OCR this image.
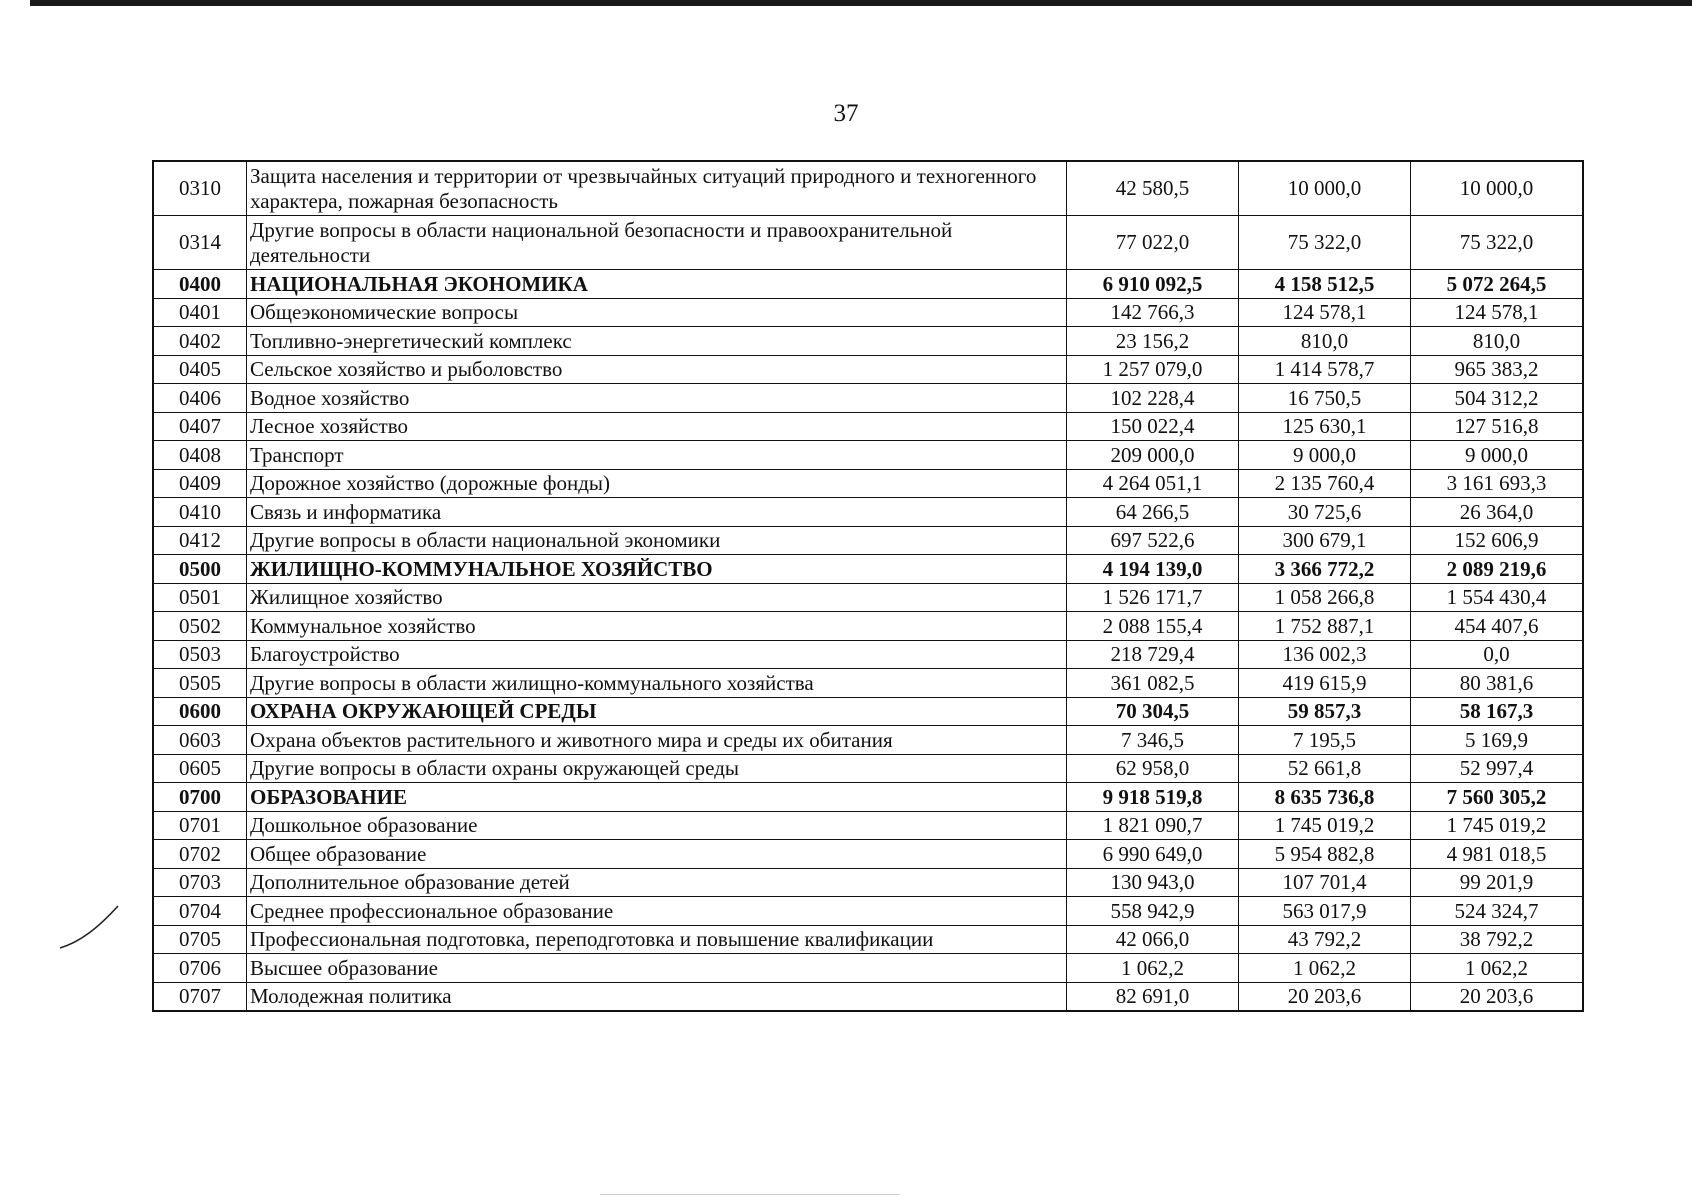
37
0310	Защита населения и территории от чрезвычайных ситуаций природного и техногенного характера, пожарная безопасность	42 580,5	10 000,0	10 000,0
0314	Другие вопросы в области национальной безопасности и правоохранительной деятельности	77 022,0	75 322,0	75 322,0
0400	НАЦИОНАЛЬНАЯ ЭКОНОМИКА	6 910 092,5	4 158 512,5	5 072 264,5
0401	Общеэкономические вопросы	142 766,3	124 578,1	124 578,1
0402	Топливно-энергетический комплекс	23 156,2	810,0	810,0
0405	Сельское хозяйство и рыболовство	1 257 079,0	1 414 578,7	965 383,2
0406	Водное хозяйство	102 228,4	16 750,5	504 312,2
0407	Лесное хозяйство	150 022,4	125 630,1	127 516,8
0408	Транспорт	209 000,0	9 000,0	9 000,0
0409	Дорожное хозяйство (дорожные фонды)	4 264 051,1	2 135 760,4	3 161 693,3
0410	Связь и информатика	64 266,5	30 725,6	26 364,0
0412	Другие вопросы в области национальной экономики	697 522,6	300 679,1	152 606,9
0500	ЖИЛИЩНО-КОММУНАЛЬНОЕ ХОЗЯЙСТВО	4 194 139,0	3 366 772,2	2 089 219,6
0501	Жилищное хозяйство	1 526 171,7	1 058 266,8	1 554 430,4
0502	Коммунальное хозяйство	2 088 155,4	1 752 887,1	454 407,6
0503	Благоустройство	218 729,4	136 002,3	0,0
0505	Другие вопросы в области жилищно-коммунального хозяйства	361 082,5	419 615,9	80 381,6
0600	ОХРАНА ОКРУЖАЮЩЕЙ СРЕДЫ	70 304,5	59 857,3	58 167,3
0603	Охрана объектов растительного и животного мира и среды их обитания	7 346,5	7 195,5	5 169,9
0605	Другие вопросы в области охраны окружающей среды	62 958,0	52 661,8	52 997,4
0700	ОБРАЗОВАНИЕ	9 918 519,8	8 635 736,8	7 560 305,2
0701	Дошкольное образование	1 821 090,7	1 745 019,2	1 745 019,2
0702	Общее образование	6 990 649,0	5 954 882,8	4 981 018,5
0703	Дополнительное образование детей	130 943,0	107 701,4	99 201,9
0704	Среднее профессиональное образование	558 942,9	563 017,9	524 324,7
0705	Профессиональная подготовка, переподготовка и повышение квалификации	42 066,0	43 792,2	38 792,2
0706	Высшее образование	1 062,2	1 062,2	1 062,2
0707	Молодежная политика	82 691,0	20 203,6	20 203,6
